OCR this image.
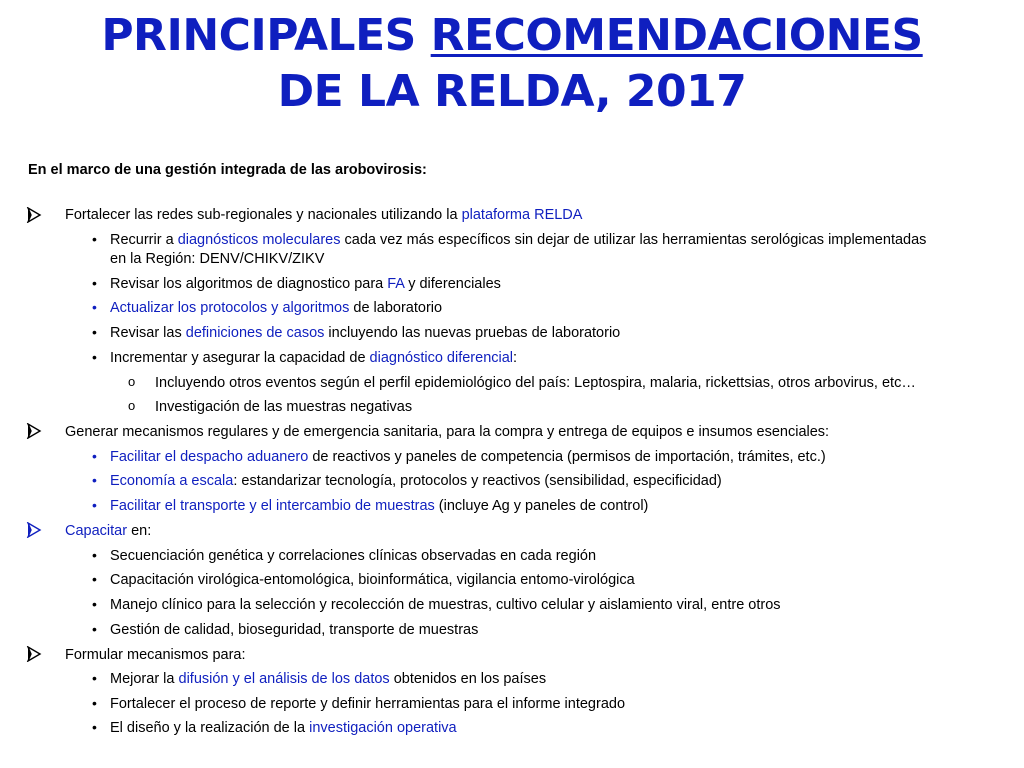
PRINCIPALES RECOMENDACIONES
DE LA RELDA, 2017
En el marco de una gestión integrada de las arobovirosis:
Fortalecer las redes sub-regionales y nacionales utilizando la plataforma RELDA
• Recurrir a diagnósticos moleculares cada vez más específicos sin dejar de utilizar las herramientas serológicas implementadas
en la Región: DENV/CHIKV/ZIKV
• Revisar los algoritmos de diagnostico para FA y diferenciales
• Actualizar los protocolos y algoritmos de laboratorio
• Revisar las definiciones de casos incluyendo las nuevas pruebas de laboratorio
• Incrementar y asegurar la capacidad de diagnóstico diferencial:
o Incluyendo otros eventos según el perfil epidemiológico del país: Leptospira, malaria, rickettsias, otros arbovirus, etc…
o Investigación de las muestras negativas
Generar mecanismos regulares y de emergencia sanitaria, para la compra y entrega de equipos e insumos esenciales:
• Facilitar el despacho aduanero de reactivos y paneles de competencia (permisos de importación, trámites, etc.)
• Economía a escala: estandarizar tecnología, protocolos y reactivos (sensibilidad, especificidad)
• Facilitar el transporte y el intercambio de muestras (incluye Ag y paneles de control)
Capacitar en:
• Secuenciación genética y correlaciones clínicas observadas en cada región
• Capacitación virológica-entomológica, bioinformática, vigilancia entomo-virológica
• Manejo clínico para la selección y recolección de muestras, cultivo celular y aislamiento viral, entre otros
• Gestión de calidad, bioseguridad, transporte de muestras
Formular mecanismos para:
• Mejorar la difusión y el análisis de los datos obtenidos en los países
• Fortalecer el proceso de reporte y definir herramientas para el informe integrado
• El diseño y la realización de la investigación operativa
